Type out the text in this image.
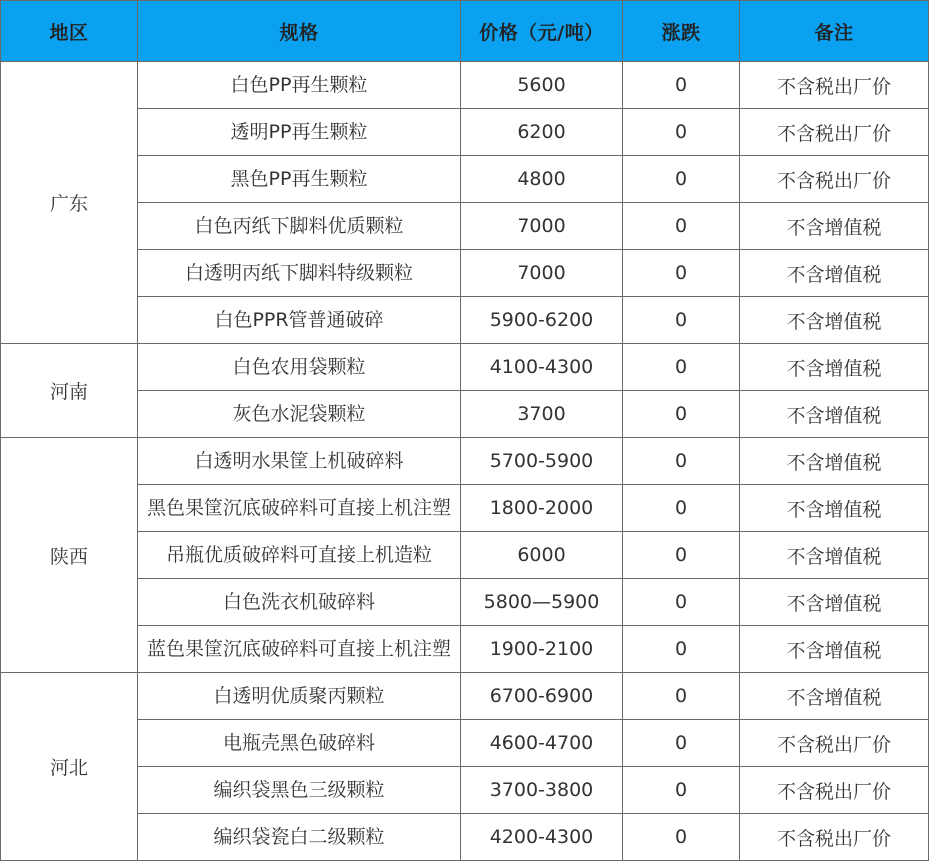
地区	规格	价格（元/吨）	涨跌	备注
广东	白色PP再生颗粒	5600	0	不含税出厂价
	透明PP再生颗粒	6200	0	不含税出厂价
	黑色PP再生颗粒	4800	0	不含税出厂价
	白色丙纸下脚料优质颗粒	7000	0	不含增值税
	白透明丙纸下脚料特级颗粒	7000	0	不含增值税
	白色PPR管普通破碎	5900-6200	0	不含增值税
河南	白色农用袋颗粒	4100-4300	0	不含增值税
	灰色水泥袋颗粒	3700	0	不含增值税
陕西	白透明水果筐上机破碎料	5700-5900	0	不含增值税
	黑色果筐沉底破碎料可直接上机注塑	1800-2000	0	不含增值税
	吊瓶优质破碎料可直接上机造粒	6000	0	不含增值税
	白色洗衣机破碎料	5800—5900	0	不含增值税
	蓝色果筐沉底破碎料可直接上机注塑	1900-2100	0	不含增值税
河北	白透明优质聚丙颗粒	6700-6900	0	不含增值税
	电瓶壳黑色破碎料	4600-4700	0	不含税出厂价
	编织袋黑色三级颗粒	3700-3800	0	不含税出厂价
	编织袋瓷白二级颗粒	4200-4300	0	不含税出厂价
